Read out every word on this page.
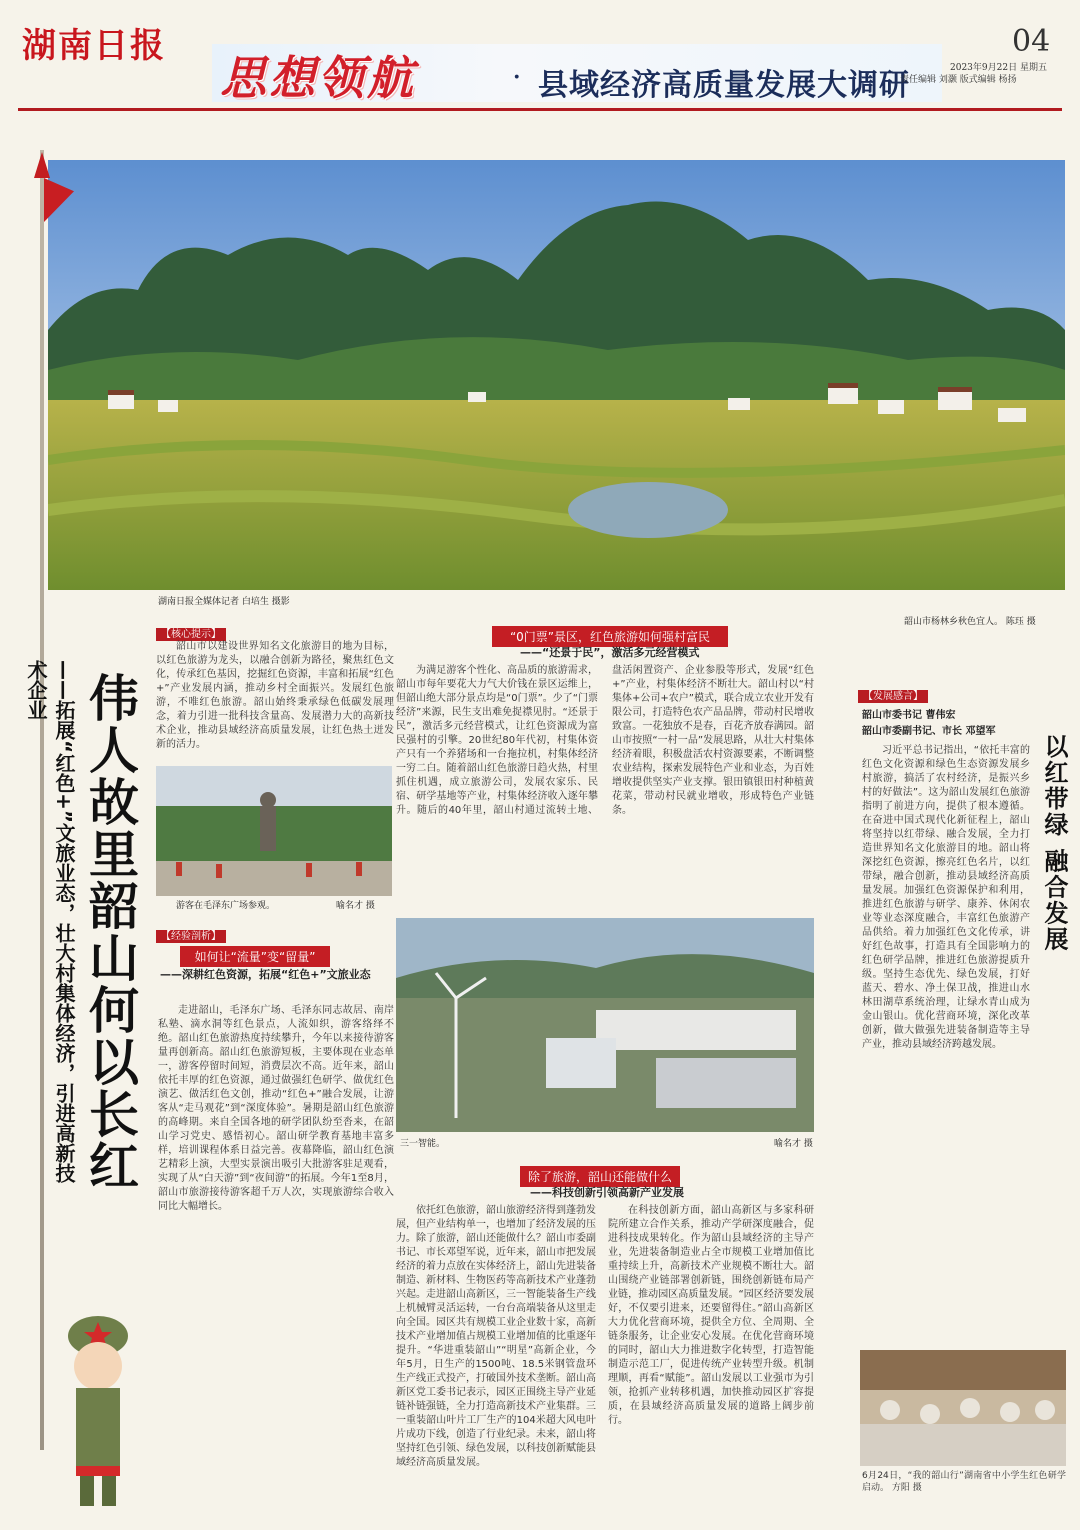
湖南日报
思想领航	· 县域经济高质量发展大调研
04
2023年9月22日 星期五
责任编辑 刘灏 版式编辑 杨扬
湖南日报全媒体记者 白培生 摄影
韶山市杨林乡秋色宜人。 陈珏 摄
伟人故里韶山何以长红
——拓展“红色+”文旅业态，壮大村集体经济，引进高新技术企业
【核心提示】

韶山市以建设世界知名文化旅游目的地为目标，以红色旅游为龙头，以融合创新为路径，聚焦红色文化，传承红色基因，挖掘红色资源，丰富和拓展“红色+”产业发展内涵，推动乡村全面振兴。发展红色旅游，不唯红色旅游。韶山始终秉承绿色低碳发展理念，着力引进一批科技含量高、发展潜力大的高新技术企业，推动县域经济高质量发展，让红色热土迸发新的活力。

游客在毛泽东广场参观。	喻名才 摄
【经验剖析】
如何让“流量”变“留量”
——深耕红色资源，拓展“红色+”文旅业态

走进韶山，毛泽东广场、毛泽东同志故居、南岸私塾、滴水洞等红色景点，人流如织，游客络绎不绝。韶山红色旅游热度持续攀升，今年以来接待游客量再创新高。韶山红色旅游短板，主要体现在业态单一，游客停留时间短，消费层次不高。近年来，韶山依托丰厚的红色资源，通过做强红色研学、做优红色演艺、做活红色文创，推动“红色+”融合发展，让游客从“走马观花”到“深度体验”。暑期是韶山红色旅游的高峰期。来自全国各地的研学团队纷至沓来，在韶山学习党史、感悟初心。韶山研学教育基地丰富多样，培训课程体系日益完善。夜幕降临，韶山红色演艺精彩上演，大型实景演出吸引大批游客驻足观看，实现了从“白天游”到“夜间游”的拓展。今年1至8月，韶山市旅游接待游客超千万人次，实现旅游综合收入同比大幅增长。

“0门票”景区，红色旅游如何强村富民
——“还景于民”，激活多元经营模式

为满足游客个性化、高品质的旅游需求，韶山市每年要花大力气大价钱在景区运维上，但韶山绝大部分景点均是“0门票”。少了“门票经济”来源，民生支出难免捉襟见肘。“还景于民”，激活多元经营模式，让红色资源成为富民强村的引擎。20世纪80年代初，村集体资产只有一个养猪场和一台拖拉机，村集体经济一穷二白。随着韶山红色旅游日趋火热，村里抓住机遇，成立旅游公司，发展农家乐、民宿、研学基地等产业，村集体经济收入逐年攀升。随后的40年里，韶山村通过流转土地、盘活闲置资产、企业参股等形式，发展“红色+”产业，村集体经济不断壮大。韶山村以“村集体+公司+农户”模式，联合成立农业开发有限公司，打造特色农产品品牌，带动村民增收致富。一花独放不是春，百花齐放春满园。韶山市按照“一村一品”发展思路，从壮大村集体经济着眼，积极盘活农村资源要素，不断调整农业结构，探索发展特色产业和业态，为百姓增收提供坚实产业支撑。银田镇银田村种植黄花菜，带动村民就业增收，形成特色产业链条。

三一智能。	喻名才 摄
除了旅游，韶山还能做什么
——科技创新引领高新产业发展

依托红色旅游，韶山旅游经济得到蓬勃发展，但产业结构单一，也增加了经济发展的压力。除了旅游，韶山还能做什么？韶山市委副书记、市长邓望军说，近年来，韶山市把发展经济的着力点放在实体经济上，韶山先进装备制造、新材料、生物医药等高新技术产业蓬勃兴起。走进韶山高新区，三一智能装备生产线上机械臂灵活运转，一台台高端装备从这里走向全国。园区共有规模工业企业数十家，高新技术产业增加值占规模工业增加值的比重逐年提升。“华进重装韶山”“明星”高新企业，今年5月，日生产的1500吨、18.5米钢管盘环生产线正式投产，打破国外技术垄断。韶山高新区党工委书记表示，园区正围绕主导产业延链补链强链，全力打造高新技术产业集群。三一重装韶山叶片工厂生产的104米超大风电叶片成功下线，创造了行业纪录。未来，韶山将坚持红色引领、绿色发展，以科技创新赋能县域经济高质量发展。

在科技创新方面，韶山高新区与多家科研院所建立合作关系，推动产学研深度融合，促进科技成果转化。作为韶山县域经济的主导产业，先进装备制造业占全市规模工业增加值比重持续上升，高新技术产业规模不断壮大。韶山围绕产业链部署创新链，围绕创新链布局产业链，推动园区高质量发展。“园区经济要发展好，不仅要引进来，还要留得住。”韶山高新区大力优化营商环境，提供全方位、全周期、全链条服务，让企业安心发展。在优化营商环境的同时，韶山大力推进数字化转型，打造智能制造示范工厂，促进传统产业转型升级。机制理顺，再看“赋能”。韶山发展以工业强市为引领，抢抓产业转移机遇，加快推动园区扩容提质，在县域经济高质量发展的道路上阔步前行。

【发展感言】
韶山市委书记 曹伟宏
韶山市委副书记、市长 邓望军
以红带绿 融合发展

习近平总书记指出，“依托丰富的红色文化资源和绿色生态资源发展乡村旅游，搞活了农村经济，是振兴乡村的好做法”。这为韶山发展红色旅游指明了前进方向，提供了根本遵循。在奋进中国式现代化新征程上，韶山将坚持以红带绿、融合发展，全力打造世界知名文化旅游目的地。韶山将深挖红色资源，擦亮红色名片，以红带绿，融合创新，推动县域经济高质量发展。加强红色资源保护和利用，推进红色旅游与研学、康养、休闲农业等业态深度融合，丰富红色旅游产品供给。着力加强红色文化传承，讲好红色故事，打造具有全国影响力的红色研学品牌，推进红色旅游提质升级。坚持生态优先、绿色发展，打好蓝天、碧水、净土保卫战，推进山水林田湖草系统治理，让绿水青山成为金山银山。优化营商环境，深化改革创新，做大做强先进装备制造等主导产业，推动县域经济跨越发展。

6月24日，“我的韶山行”湖南省中小学生红色研学启动。 方阳 摄
